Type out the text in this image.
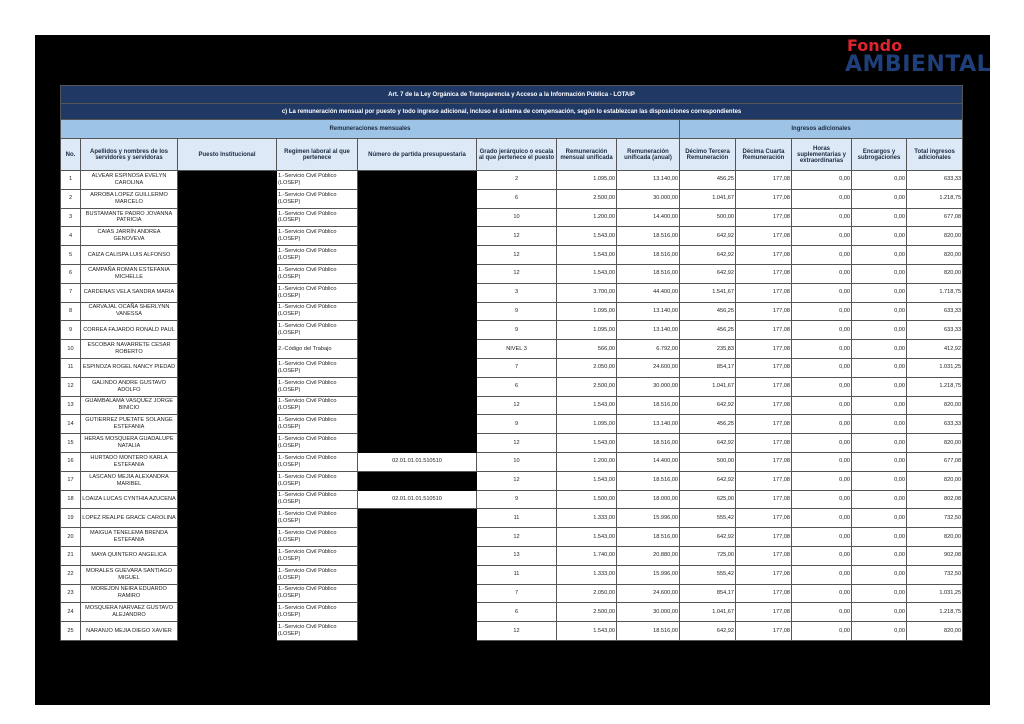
Fondo
AMBIENTAL
Art. 7 de la Ley Orgánica de Transparencia y Acceso a la Información Pública - LOTAIP												
c) La remuneración mensual por puesto y todo ingreso adicional, incluso el sistema de compensación, según lo establezcan las disposiciones correspondientes												
Remuneraciones mensuales								Ingresos adicionales				
No.	Apellidos y nombres de los servidores y servidoras	Puesto Institucional	Regimen laboral al que pertenece	Número de partida presupuestaria	Grado jerárquico o escala al que pertenece el puesto	Remuneración mensual unificada	Remuneración unificada (anual)	Décimo Tercera Remuneración	Décima Cuarta Remuneración	Horas suplementarias y extraordinarias	Encargos y subrogaciones	Total ingresos adicionales
1	ALVEAR ESPINOSA EVELYN CAROLINA		1.-Servicio Civil Público (LOSEP)		2	1.095,00	13.140,00	456,25	177,08	0,00	0,00	633,33
2	ARROBA LOPEZ GUILLERMO MARCELO		1.-Servicio Civil Público (LOSEP)		6	2.500,00	30.000,00	1.041,67	177,08	0,00	0,00	1.218,75
3	BUSTAMANTE PADRO JOVANNA PATRICIA		1.-Servicio Civil Público (LOSEP)		10	1.200,00	14.400,00	500,00	177,08	0,00	0,00	677,08
4	CAIAS JARRÍN ANDREA GENOVEVA		1.-Servicio Civil Público (LOSEP)		12	1.543,00	18.516,00	642,92	177,08	0,00	0,00	820,00
5	CAIZA CALISPA LUIS ALFONSO		1.-Servicio Civil Público (LOSEP)		12	1.543,00	18.516,00	642,92	177,08	0,00	0,00	820,00
6	CAMPAÑA ROMAN ESTEFANIA MICHELLE		1.-Servicio Civil Público (LOSEP)		12	1.543,00	18.516,00	642,92	177,08	0,00	0,00	820,00
7	CARDENAS VELA SANDRA MARIA		1.-Servicio Civil Público (LOSEP)		3	3.700,00	44.400,00	1.541,67	177,08	0,00	0,00	1.718,75
8	CARVAJAL OCAÑA SHERLYNN VANESSA		1.-Servicio Civil Público (LOSEP)		9	1.095,00	13.140,00	456,25	177,08	0,00	0,00	633,33
9	CORREA FAJARDO RONALD PAUL		1.-Servicio Civil Público (LOSEP)		9	1.095,00	13.140,00	456,25	177,08	0,00	0,00	633,33
10	ESCOBAR NAVARRETE CESAR ROBERTO		2.-Código del Trabajo		NIVEL 3	566,00	6.792,00	235,83	177,08	0,00	0,00	412,92
11	ESPINOZA ROGEL NANCY PIEDAD		1.-Servicio Civil Público (LOSEP)		7	2.050,00	24.600,00	854,17	177,08	0,00	0,00	1.031,25
12	GALINDO ANDRE GUSTAVO ADOLFO		1.-Servicio Civil Público (LOSEP)		6	2.500,00	30.000,00	1.041,67	177,08	0,00	0,00	1.218,75
13	GUAMBALAMA VASQUEZ JORGE BINICIO		1.-Servicio Civil Público (LOSEP)		12	1.543,00	18.516,00	642,92	177,08	0,00	0,00	820,00
14	GUTIERREZ PUETATE SOLANGE ESTEFANIA		1.-Servicio Civil Público (LOSEP)		9	1.095,00	13.140,00	456,25	177,08	0,00	0,00	633,33
15	HERAS MOSQUERA GUADALUPE NATALIA		1.-Servicio Civil Público (LOSEP)		12	1.543,00	18.516,00	642,92	177,08	0,00	0,00	820,00
16	HURTADO MONTERO KARLA ESTEFANIA		1.-Servicio Civil Público (LOSEP)	02.01.01.01.510510	10	1.200,00	14.400,00	500,00	177,08	0,00	0,00	677,08
17	LASCANO MEJIA ALEXANDRA MARIBEL		1.-Servicio Civil Público (LOSEP)		12	1.543,00	18.516,00	642,92	177,08	0,00	0,00	820,00
18	LOAIZA LUCAS CYNTHIA AZUCENA		1.-Servicio Civil Público (LOSEP)	02.01.01.01.510510	9	1.500,00	18.000,00	625,00	177,08	0,00	0,00	802,08
19	LOPEZ REALPE GRACE CAROLINA		1.-Servicio Civil Público (LOSEP)		11	1.333,00	15.996,00	555,42	177,08	0,00	0,00	732,50
20	MAIGUA TENELEMA BRENDA ESTEFANIA		1.-Servicio Civil Público (LOSEP)		12	1.543,00	18.516,00	642,92	177,08	0,00	0,00	820,00
21	MAYA QUINTERO ANGELICA		1.-Servicio Civil Público (LOSEP)		13	1.740,00	20.880,00	725,00	177,08	0,00	0,00	902,08
22	MORALES GUEVARA SANTIAGO MIGUEL		1.-Servicio Civil Público (LOSEP)		11	1.333,00	15.996,00	555,42	177,08	0,00	0,00	732,50
23	MOREJON NEIRA EDUARDO RAMIRO		1.-Servicio Civil Público (LOSEP)		7	2.050,00	24.600,00	854,17	177,08	0,00	0,00	1.031,25
24	MOSQUERA NARVAEZ GUSTAVO ALEJANDRO		1.-Servicio Civil Público (LOSEP)		6	2.500,00	30.000,00	1.041,67	177,08	0,00	0,00	1.218,75
25	NARANJO MEJIA DIEGO XAVIER		1.-Servicio Civil Público (LOSEP)		12	1.543,00	18.516,00	642,92	177,08	0,00	0,00	820,00
